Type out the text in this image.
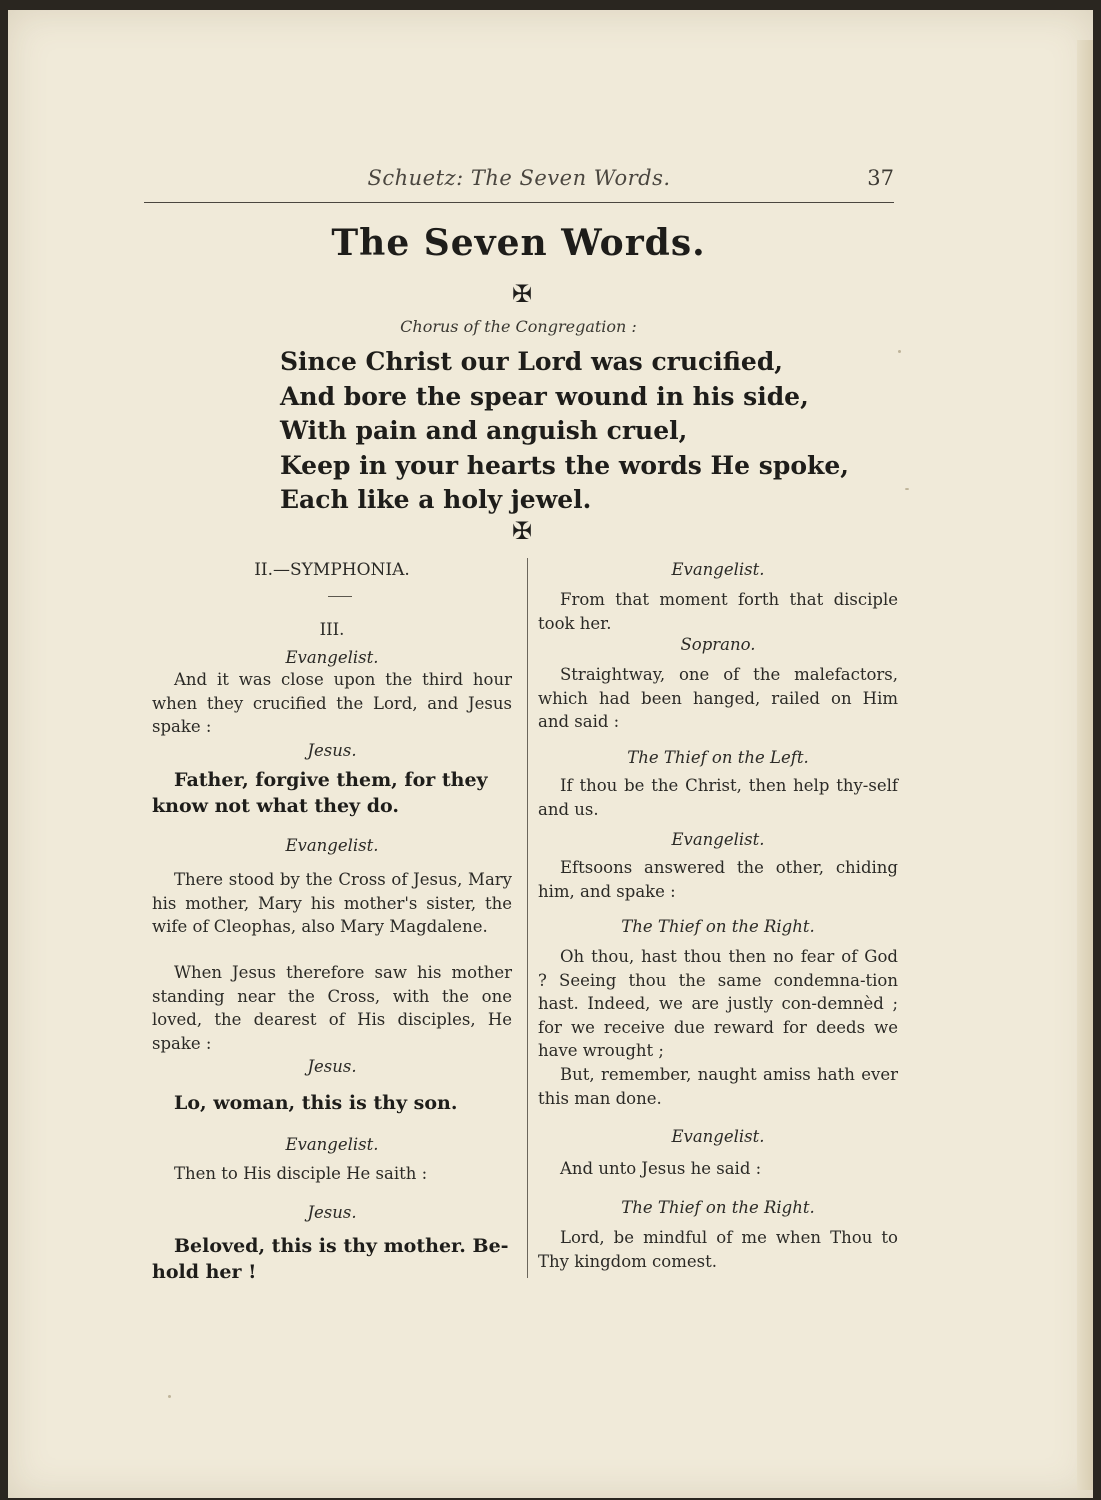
Schuetz: The Seven Words.	37
The Seven Words.
✠
Chorus of the Congregation :
Since Christ our Lord was crucified,
And bore the spear wound in his side,
With pain and anguish cruel,
Keep in your hearts the words He spoke,
Each like a holy jewel.
✠
II.—SYMPHONIA.
III.
Evangelist.
And it was close upon the third hour when they crucified the Lord, and Jesus spake :
Jesus.
Father, forgive them, for they know not what they do.
Evangelist.
There stood by the Cross of Jesus, Mary his mother, Mary his mother's sister, the wife of Cleophas, also Mary Magdalene.
When Jesus therefore saw his mother standing near the Cross, with the one loved, the dearest of His disciples, He spake :
Jesus.
Lo, woman, this is thy son.
Evangelist.
Then to His disciple He saith :
Jesus.
Beloved, this is thy mother. Be-hold her !
Evangelist.
From that moment forth that disciple took her.
Soprano.
Straightway, one of the malefactors, which had been hanged, railed on Him and said :
The Thief on the Left.
If thou be the Christ, then help thy-self and us.
Evangelist.
Eftsoons answered the other, chiding him, and spake :
The Thief on the Right.
Oh thou, hast thou then no fear of God ? Seeing thou the same condemna-tion hast. Indeed, we are justly con-demnèd ; for we receive due reward for deeds we have wrought ;
But, remember, naught amiss hath ever this man done.
Evangelist.
And unto Jesus he said :
The Thief on the Right.
Lord, be mindful of me when Thou to Thy kingdom comest.
